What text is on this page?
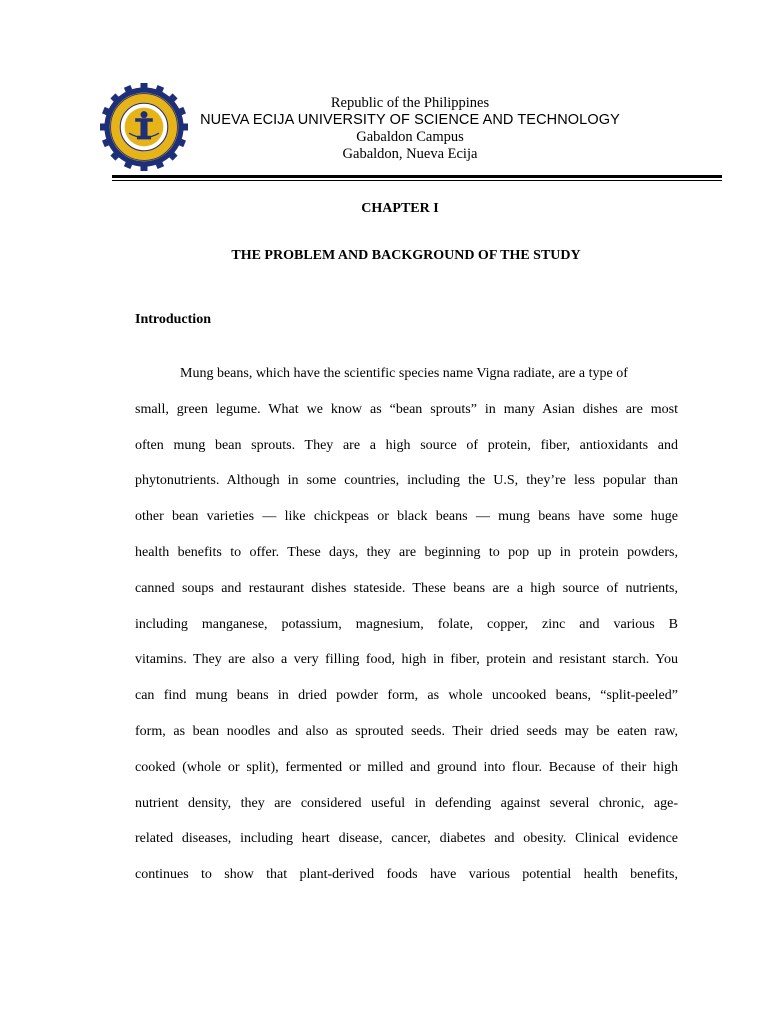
Republic of the Philippines
NUEVA ECIJA UNIVERSITY OF SCIENCE AND TECHNOLOGY
Gabaldon Campus
Gabaldon, Nueva Ecija
CHAPTER I
THE PROBLEM AND BACKGROUND OF THE STUDY
Introduction
Mung beans, which have the scientific species name Vigna radiate, are a type of
small, green legume. What we know as “bean sprouts” in many Asian dishes are most
often mung bean sprouts. They are a high source of protein, fiber, antioxidants and
phytonutrients. Although in some countries, including the U.S, they’re less popular than
other bean varieties — like chickpeas or black beans — mung beans have some huge
health benefits to offer. These days, they are beginning to pop up in protein powders,
canned soups and restaurant dishes stateside. These beans are a high source of nutrients,
including manganese, potassium, magnesium, folate, copper, zinc and various B
vitamins. They are also a very filling food, high in fiber, protein and resistant starch. You
can find mung beans in dried powder form, as whole uncooked beans, “split-peeled”
form, as bean noodles and also as sprouted seeds. Their dried seeds may be eaten raw,
cooked (whole or split), fermented or milled and ground into flour. Because of their high
nutrient density, they are considered useful in defending against several chronic, age-
related diseases, including heart disease, cancer, diabetes and obesity. Clinical evidence
continues to show that plant-derived foods have various potential health benefits,
